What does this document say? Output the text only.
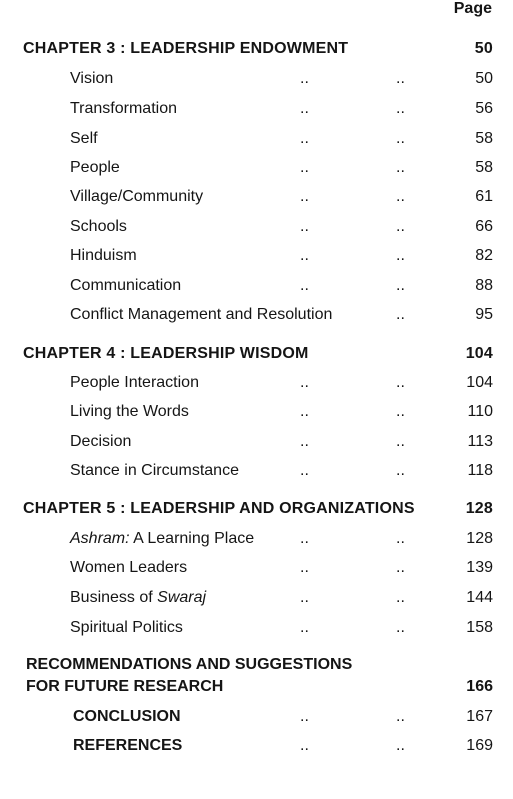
Page
CHAPTER 3 : LEADERSHIP ENDOWMENT	50
Vision	..	..	50
Transformation	..	..	56
Self	..	..	58
People	..	..	58
Village/Community	..	..	61
Schools	..	..	66
Hinduism	..	..	82
Communication	..	..	88
Conflict Management and Resolution	..	95
CHAPTER 4 : LEADERSHIP WISDOM	104
People Interaction	..	..	104
Living the Words	..	..	110
Decision	..	..	113
Stance in Circumstance	..	..	118
CHAPTER 5 : LEADERSHIP AND ORGANIZATIONS	128
Ashram: A Learning Place	..	..	128
Women Leaders	..	..	139
Business of Swaraj	..	..	144
Spiritual Politics	..	..	158
RECOMMENDATIONS AND SUGGESTIONS
FOR FUTURE RESEARCH	166
CONCLUSION	..	..	167
REFERENCES	..	..	169
